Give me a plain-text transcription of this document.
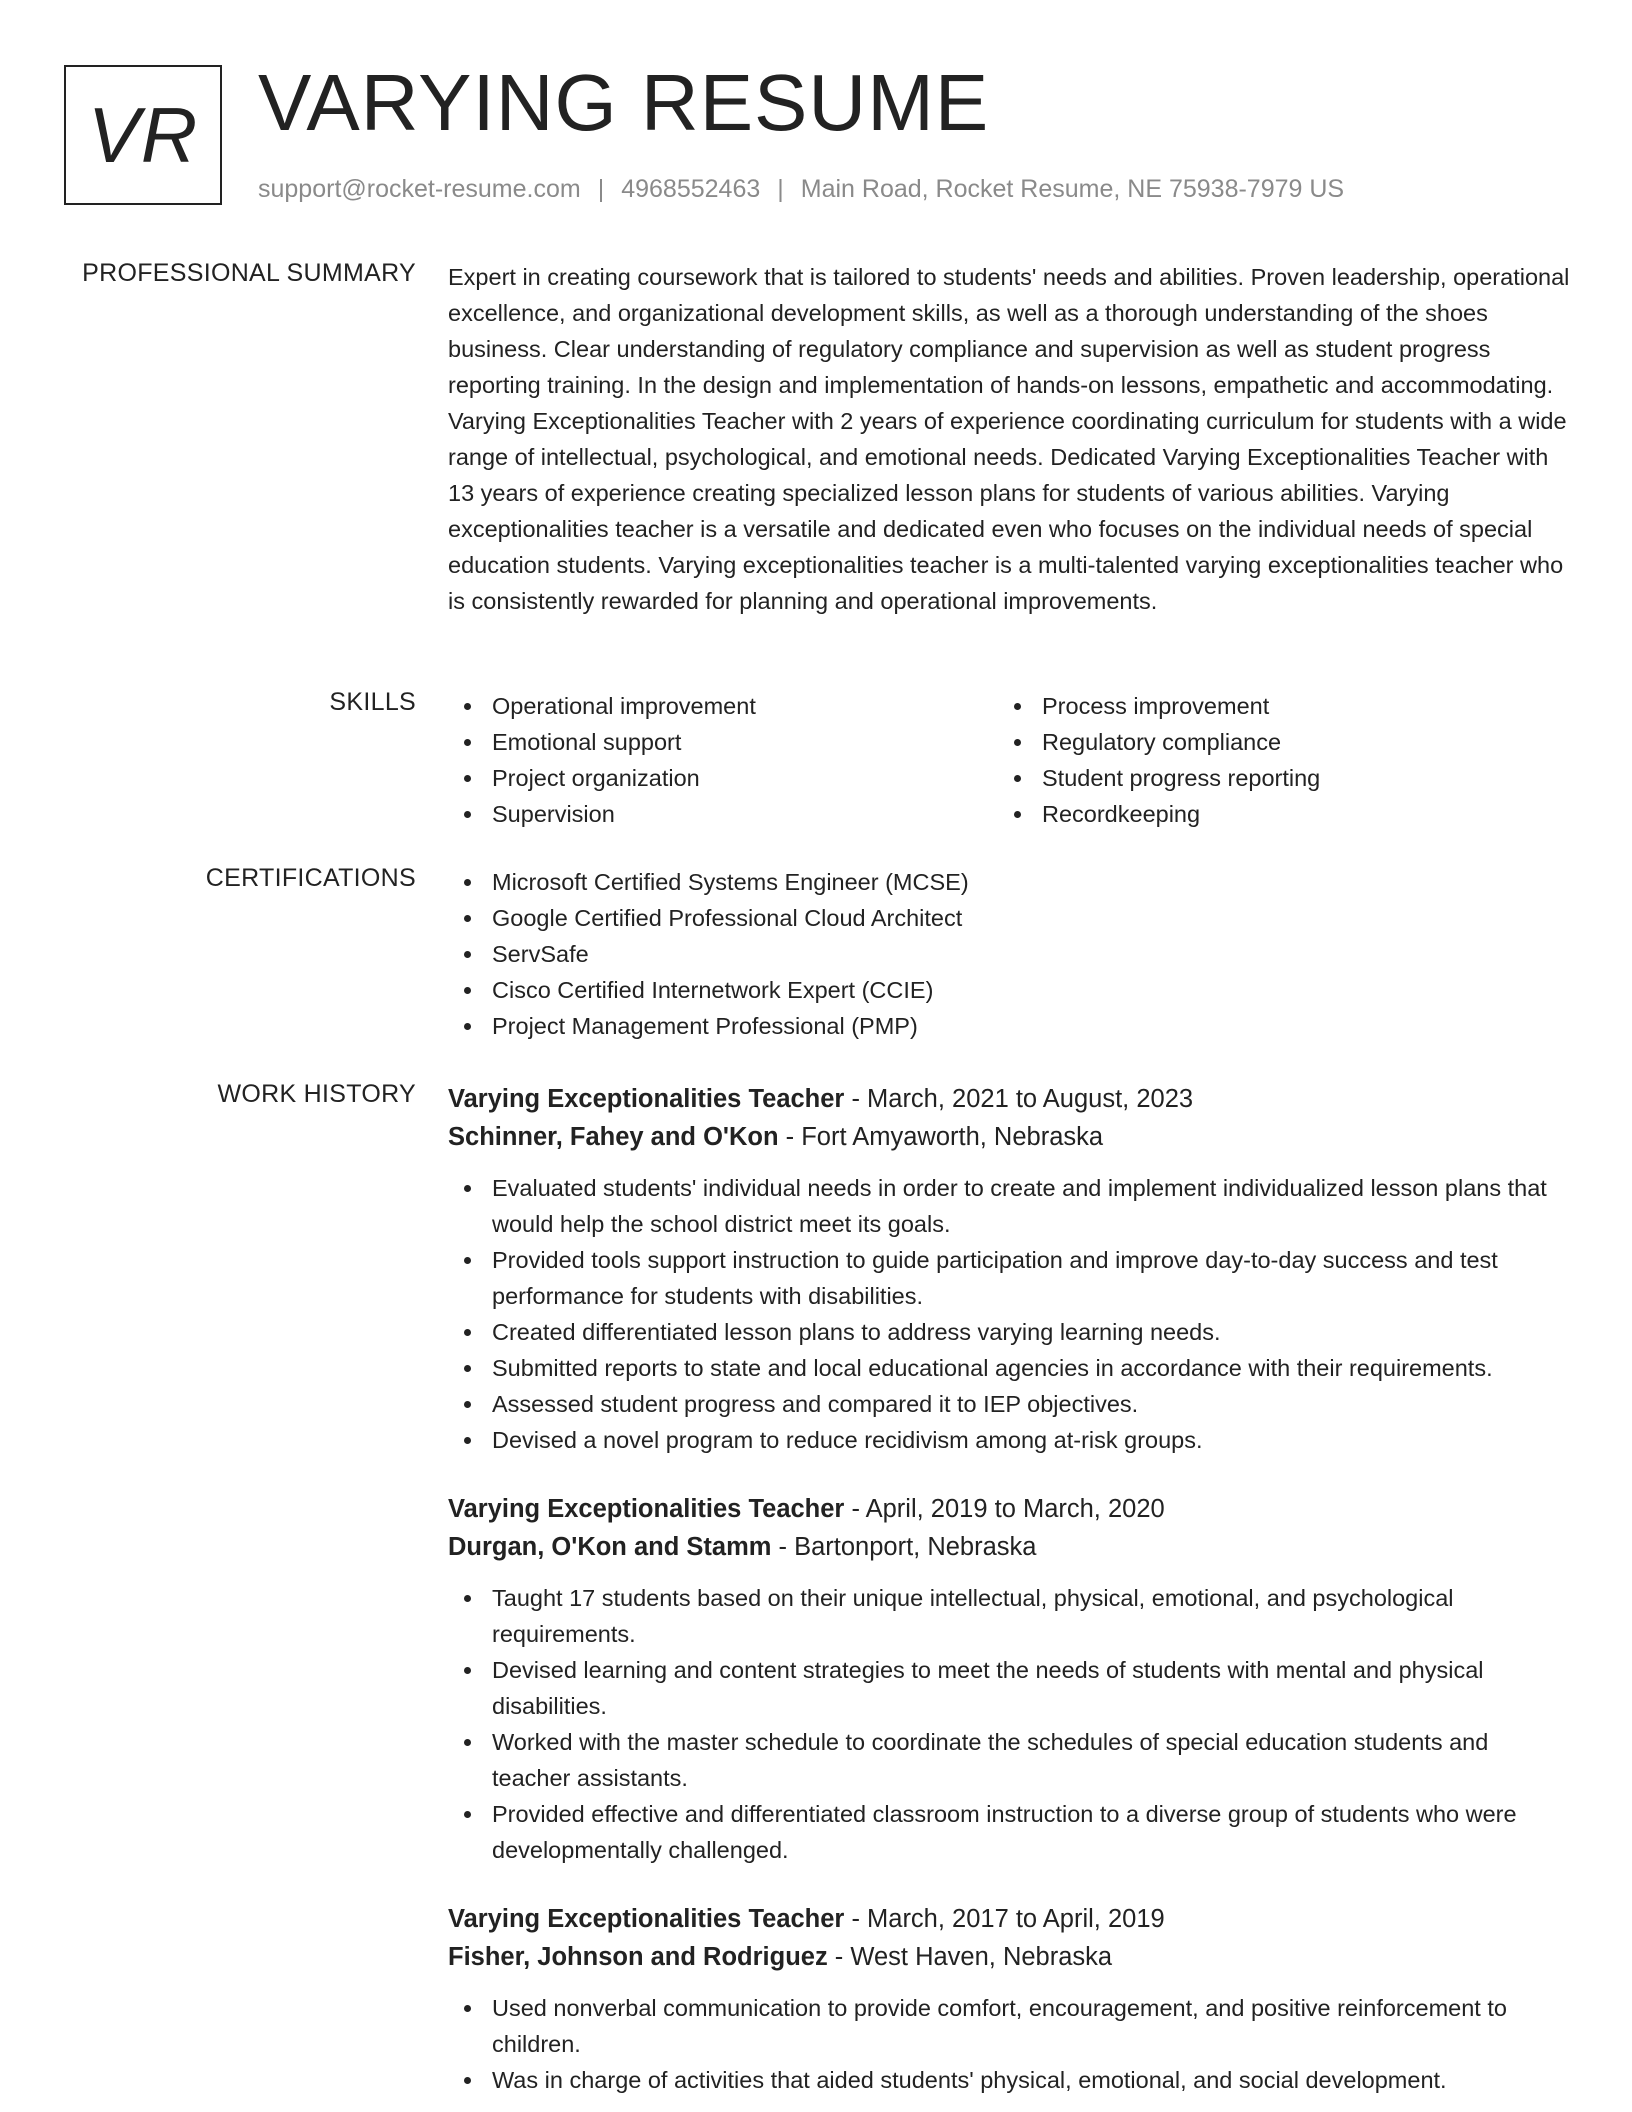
VR VARYING RESUME
support@rocket-resume.com | 4968552463 | Main Road, Rocket Resume, NE 75938-7979 US
PROFESSIONAL SUMMARY Expert in creating coursework that is tailored to students' needs and abilities. Proven leadership, operational excellence, and organizational development skills, as well as a thorough understanding of the shoes business. Clear understanding of regulatory compliance and supervision as well as student progress reporting training. In the design and implementation of hands-on lessons, empathetic and accommodating. Varying Exceptionalities Teacher with 2 years of experience coordinating curriculum for students with a wide range of intellectual, psychological, and emotional needs. Dedicated Varying Exceptionalities Teacher with 13 years of experience creating specialized lesson plans for students of various abilities. Varying exceptionalities teacher is a versatile and dedicated even who focuses on the individual needs of special education students. Varying exceptionalities teacher is a multi-talented varying exceptionalities teacher who is consistently rewarded for planning and operational improvements.
SKILLS	Operational improvement
Emotional support
Project organization
Supervision
Process improvement
Regulatory compliance
Student progress reporting
Recordkeeping
CERTIFICATIONS	Microsoft Certified Systems Engineer (MCSE)
Google Certified Professional Cloud Architect
ServSafe
Cisco Certified Internetwork Expert (CCIE)
Project Management Professional (PMP)
WORK HISTORY Varying Exceptionalities Teacher - March, 2021 to August, 2023
Schinner, Fahey and O'Kon - Fort Amyaworth, Nebraska
Evaluated students' individual needs in order to create and implement individualized lesson plans that would help the school district meet its goals.
Provided tools support instruction to guide participation and improve day-to-day success and test performance for students with disabilities.
Created differentiated lesson plans to address varying learning needs.
Submitted reports to state and local educational agencies in accordance with their requirements.
Assessed student progress and compared it to IEP objectives.
Devised a novel program to reduce recidivism among at-risk groups.
Varying Exceptionalities Teacher - April, 2019 to March, 2020
Durgan, O'Kon and Stamm - Bartonport, Nebraska
Taught 17 students based on their unique intellectual, physical, emotional, and psychological requirements.
Devised learning and content strategies to meet the needs of students with mental and physical disabilities.
Worked with the master schedule to coordinate the schedules of special education students and teacher assistants.
Provided effective and differentiated classroom instruction to a diverse group of students who were developmentally challenged.
Varying Exceptionalities Teacher - March, 2017 to April, 2019
Fisher, Johnson and Rodriguez - West Haven, Nebraska
Used nonverbal communication to provide comfort, encouragement, and positive reinforcement to children.
Was in charge of activities that aided students' physical, emotional, and social development.
